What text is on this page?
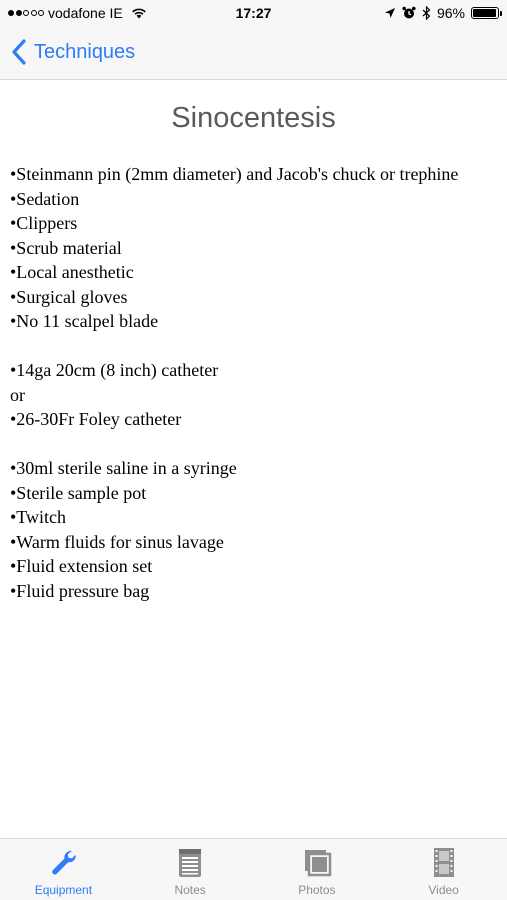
vodafone IE	17:27	96%
Techniques
Sinocentesis
•Steinmann pin (2mm diameter) and Jacob's chuck or trephine
•Sedation
•Clippers
•Scrub material
•Local anesthetic
•Surgical gloves
•No 11 scalpel blade
•14ga 20cm (8 inch) catheter
or
•26-30Fr Foley catheter
•30ml sterile saline in a syringe
•Sterile sample pot
•Twitch
•Warm fluids for sinus lavage
•Fluid extension set
•Fluid pressure bag
Equipment	Notes	Photos	Video
